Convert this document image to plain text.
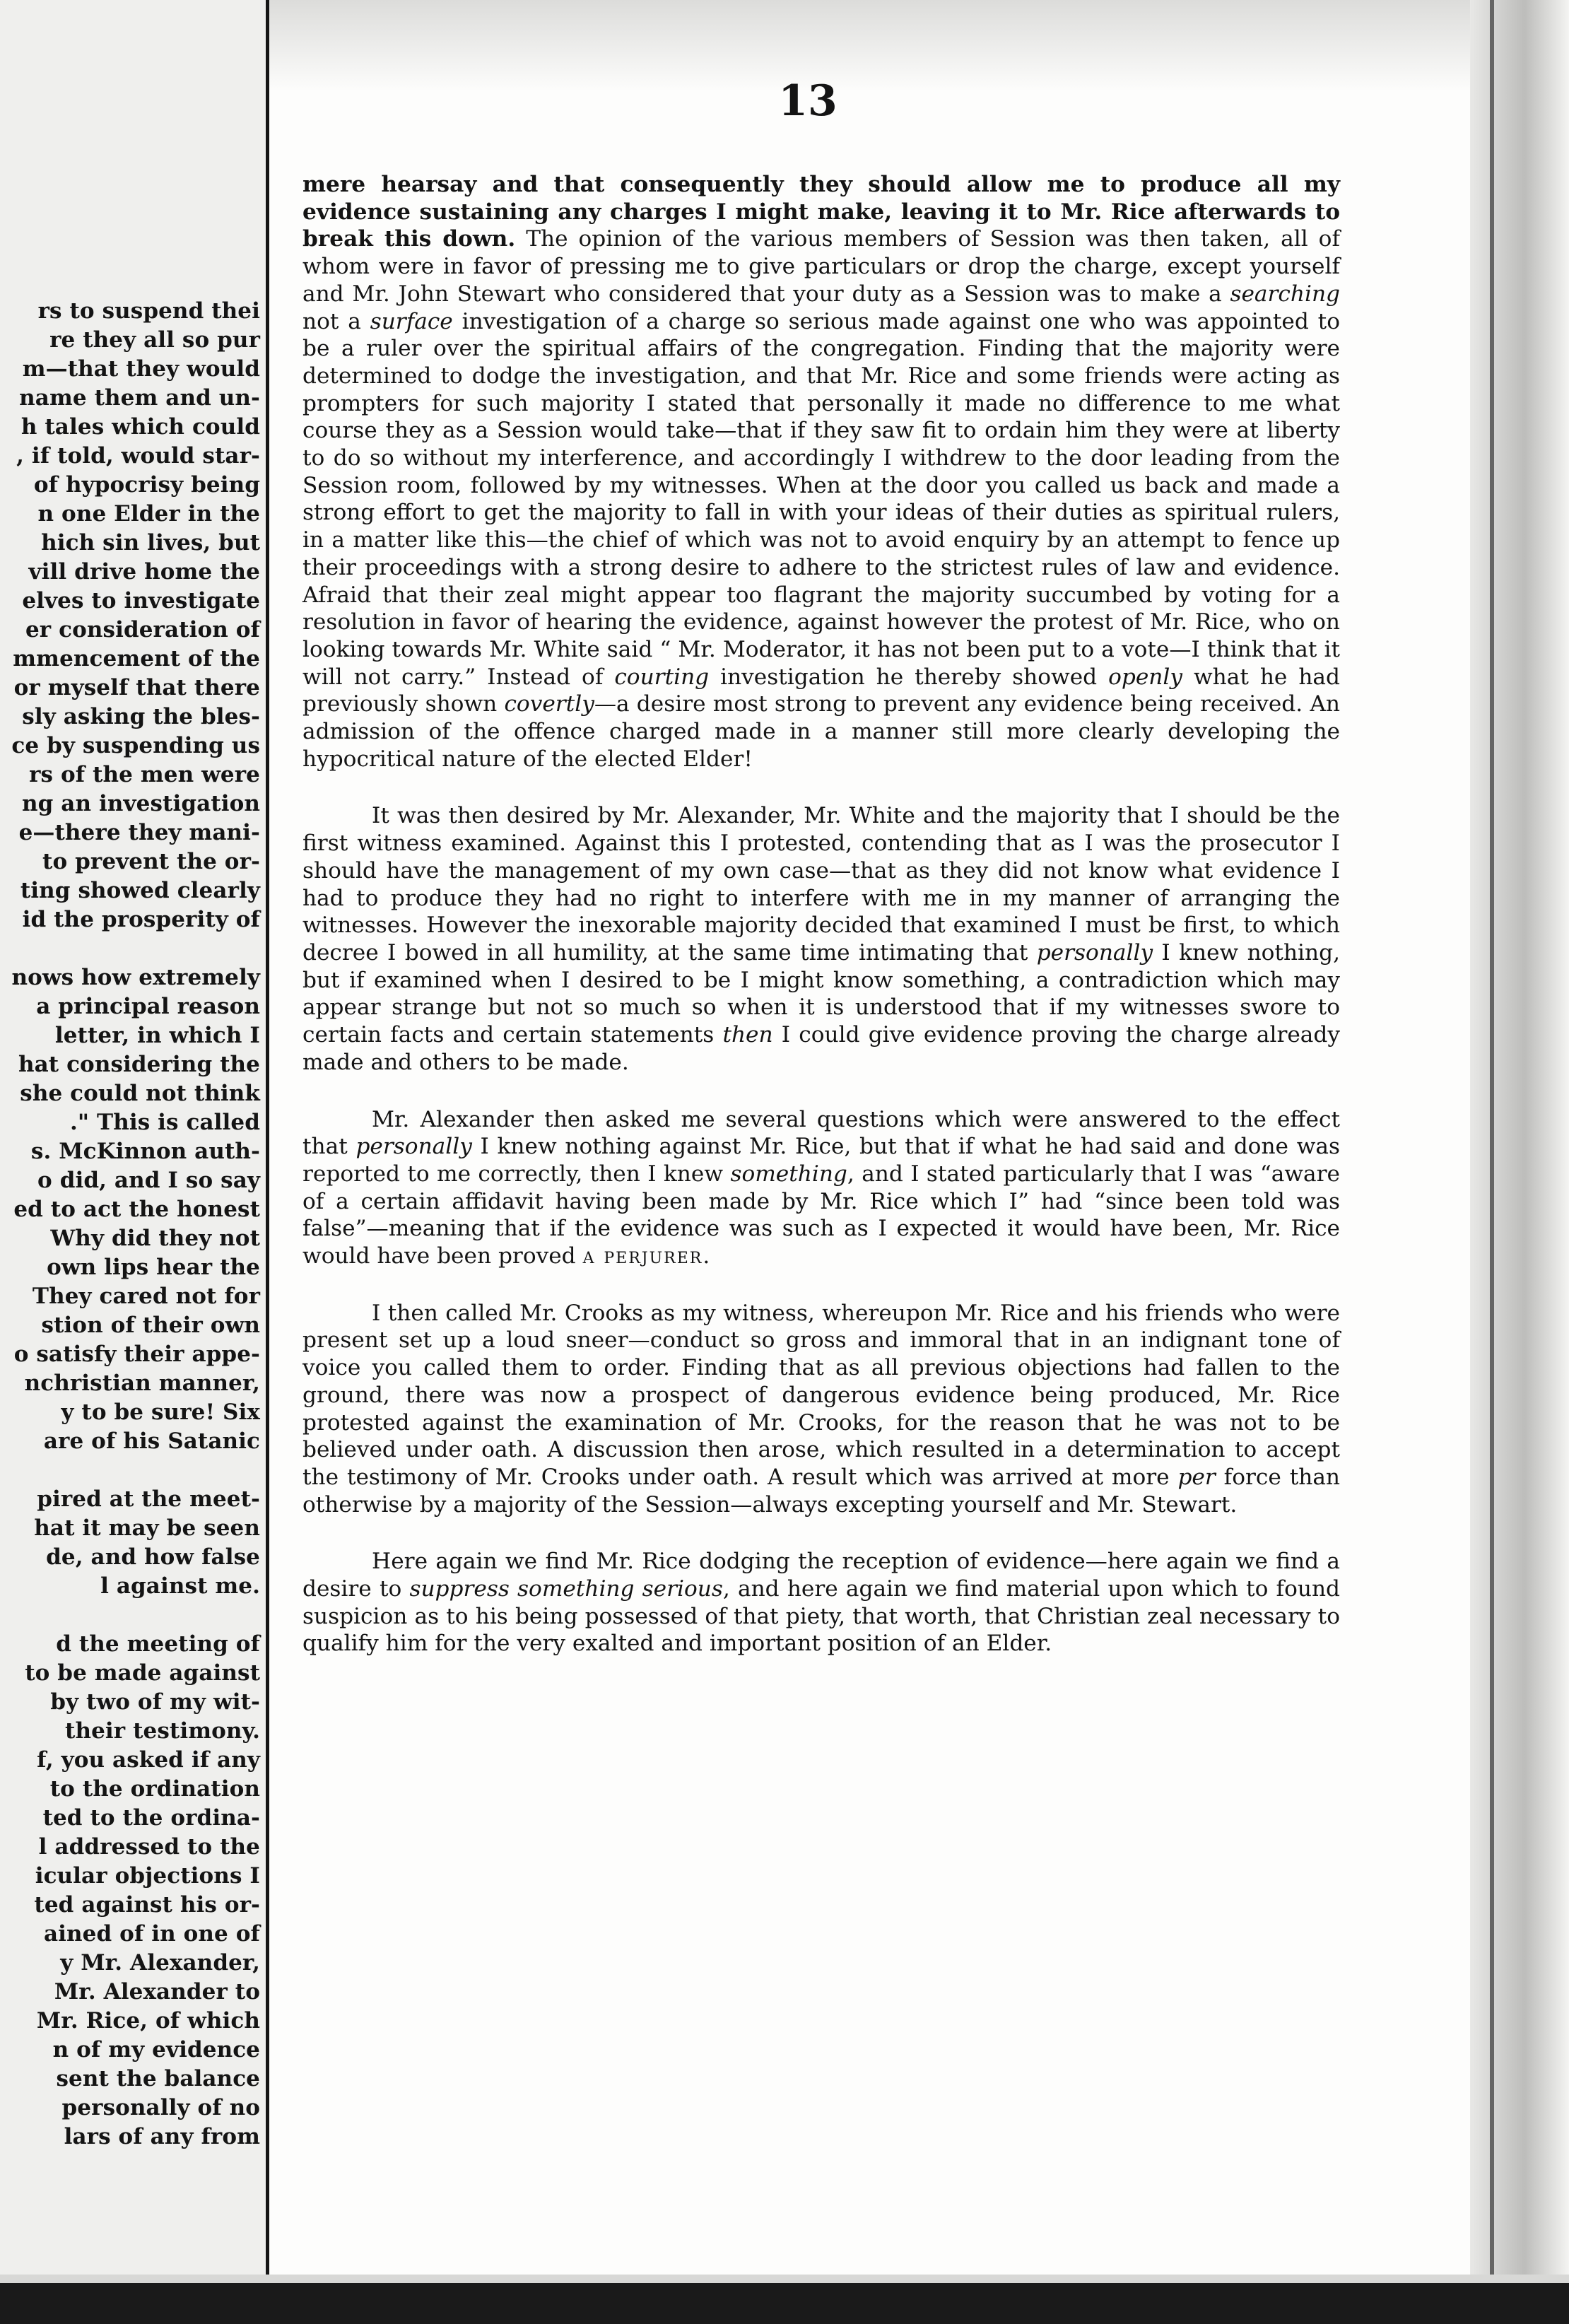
rs to suspend thei
re they all so pur
m—that they would
name them and un-
h tales which could
, if told, would star-
of hypocrisy being
n one Elder in the
hich sin lives, but
vill drive home the
elves to investigate
er consideration of
mmencement of the
or myself that there
sly asking the bles-
ce by suspending us
rs of the men were
ng an investigation
e—there they mani-
to prevent the or-
ting showed clearly
id the prosperity of
nows how extremely
a principal reason
letter, in which I
hat considering the
she could not think
." This is called
s. McKinnon auth-
o did, and I so say
ed to act the honest
Why did they not
own lips hear the
They cared not for
stion of their own
o satisfy their appe-
nchristian manner,
y to be sure! Six
are of his Satanic
pired at the meet-
hat it may be seen
de, and how false
l against me.
d the meeting of
to be made against
by two of my wit-
their testimony.
f, you asked if any
to the ordination
ted to the ordina-
l addressed to the
icular objections I
ted against his or-
ained of in one of
y Mr. Alexander,
Mr. Alexander to
Mr. Rice, of which
n of my evidence
sent the balance
personally of no
lars of any from
13

mere hearsay and that consequently they should allow me to produce all my evidence sustaining any charges I might make, leaving it to Mr. Rice afterwards to break this down. The opinion of the various members of Session was then taken, all of whom were in favor of pressing me to give particulars or drop the charge, except yourself and Mr. John Stewart who considered that your duty as a Session was to make a searching not a surface investigation of a charge so serious made against one who was appointed to be a ruler over the spiritual affairs of the congregation. Finding that the majority were determined to dodge the investigation, and that Mr. Rice and some friends were acting as prompters for such majority I stated that personally it made no difference to me what course they as a Session would take—that if they saw fit to ordain him they were at liberty to do so without my interference, and accordingly I withdrew to the door leading from the Session room, followed by my witnesses. When at the door you called us back and made a strong effort to get the majority to fall in with your ideas of their duties as spiritual rulers, in a matter like this—the chief of which was not to avoid enquiry by an attempt to fence up their proceedings with a strong desire to adhere to the strictest rules of law and evidence. Afraid that their zeal might appear too flagrant the majority succumbed by voting for a resolution in favor of hearing the evidence, against however the protest of Mr. Rice, who on looking towards Mr. White said “ Mr. Moderator, it has not been put to a vote—I think that it will not carry.” Instead of courting investigation he thereby showed openly what he had previously shown covertly—a desire most strong to prevent any evidence being received. An admission of the offence charged made in a manner still more clearly developing the hypocritical nature of the elected Elder!

It was then desired by Mr. Alexander, Mr. White and the majority that I should be the first witness examined. Against this I protested, contending that as I was the prosecutor I should have the management of my own case—that as they did not know what evidence I had to produce they had no right to interfere with me in my manner of arranging the witnesses. However the inexorable majority decided that examined I must be first, to which decree I bowed in all humility, at the same time intimating that personally I knew nothing, but if examined when I desired to be I might know something, a contradiction which may appear strange but not so much so when it is understood that if my witnesses swore to certain facts and certain statements then I could give evidence proving the charge already made and others to be made.

Mr. Alexander then asked me several questions which were answered to the effect that personally I knew nothing against Mr. Rice, but that if what he had said and done was reported to me correctly, then I knew something, and I stated particularly that I was “aware of a certain affidavit having been made by Mr. Rice which I” had “since been told was false”—meaning that if the evidence was such as I expected it would have been, Mr. Rice would have been proved a perjurer.

I then called Mr. Crooks as my witness, whereupon Mr. Rice and his friends who were present set up a loud sneer—conduct so gross and immoral that in an indignant tone of voice you called them to order. Finding that as all previous objections had fallen to the ground, there was now a prospect of dangerous evidence being produced, Mr. Rice protested against the examination of Mr. Crooks, for the reason that he was not to be believed under oath. A discussion then arose, which resulted in a determination to accept the testimony of Mr. Crooks under oath. A result which was arrived at more per force than otherwise by a majority of the Session—always excepting yourself and Mr. Stewart.

Here again we find Mr. Rice dodging the reception of evidence—here again we find a desire to suppress something serious, and here again we find material upon which to found suspicion as to his being possessed of that piety, that worth, that Christian zeal necessary to qualify him for the very exalted and important position of an Elder.
